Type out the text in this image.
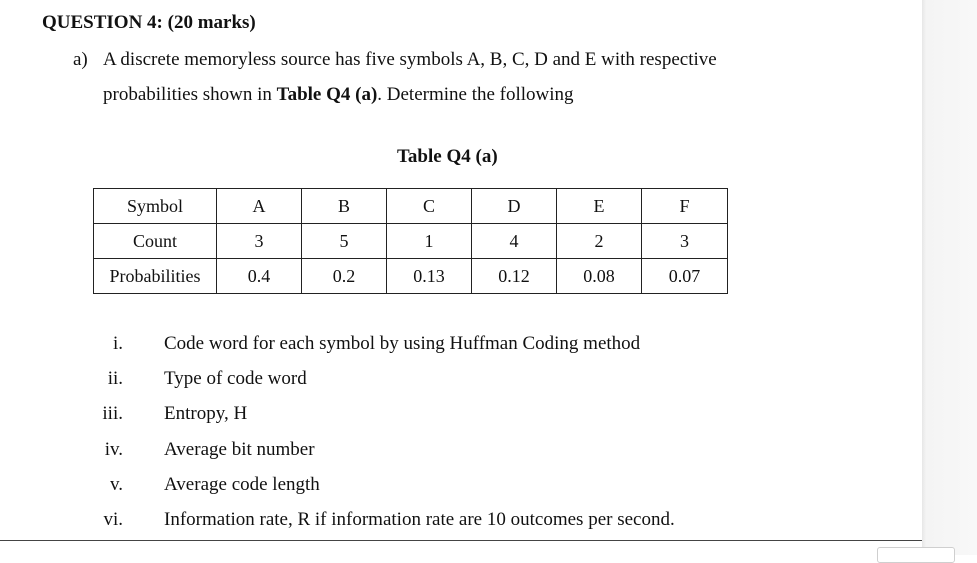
QUESTION 4: (20 marks)
a) A discrete memoryless source has five symbols A, B, C, D and E with respective
probabilities shown in Table Q4 (a). Determine the following
Table Q4 (a)
Symbol	A	B	C	D	E	F
Count	3	5	1	4	2	3
Probabilities	0.4	0.2	0.13	0.12	0.08	0.07
i. Code word for each symbol by using Huffman Coding method
ii. Type of code word
iii. Entropy, H
iv. Average bit number
v. Average code length
vi. Information rate, R if information rate are 10 outcomes per second.
